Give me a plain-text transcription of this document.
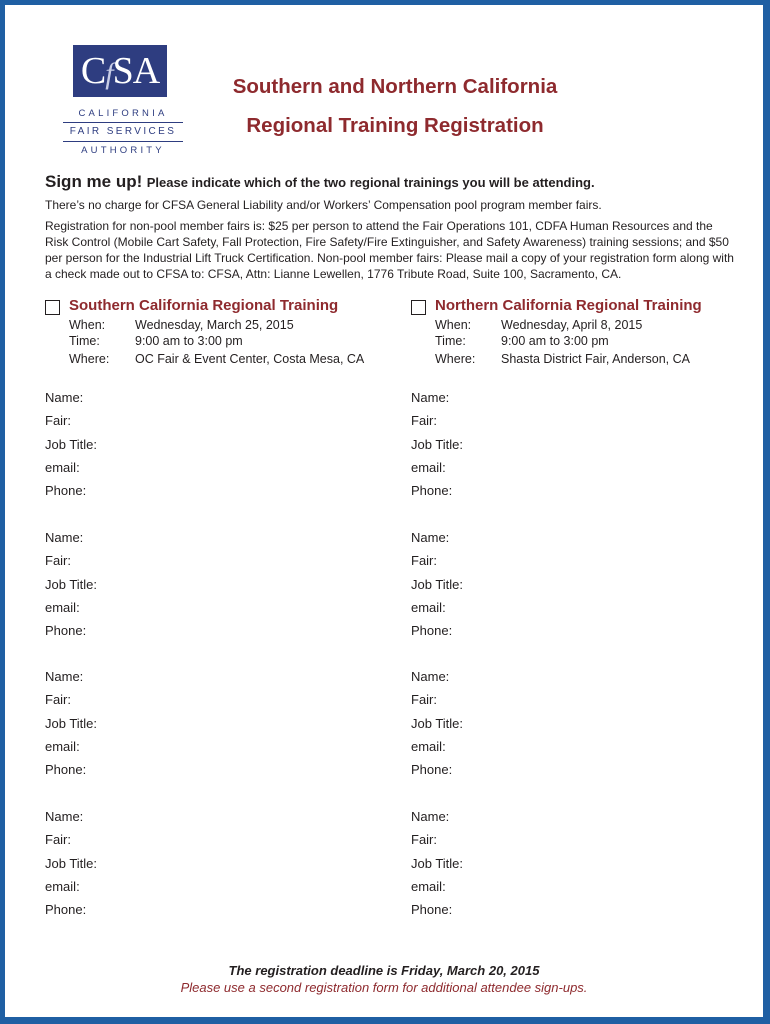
CfSA
CALIFORNIA
FAIR SERVICES
AUTHORITY
Southern and Northern California
Regional Training Registration
Sign me up! Please indicate which of the two regional trainings you will be attending.
There’s no charge for CFSA General Liability and/or Workers’ Compensation pool program member fairs.
Registration for non-pool member fairs is: $25 per person to attend the Fair Operations 101, CDFA Human Resources and the Risk Control (Mobile Cart Safety, Fall Protection, Fire Safety/Fire Extinguisher, and Safety Awareness) training sessions; and $50 per person for the Industrial Lift Truck Certification. Non-pool member fairs: Please mail a copy of your registration form along with a check made out to CFSA to: CFSA, Attn: Lianne Lewellen, 1776 Tribute Road, Suite 100, Sacramento, CA.
Southern California Regional Training
When: Wednesday, March 25, 2015
Time:	9:00 am to 3:00 pm
Where: OC Fair & Event Center, Costa Mesa, CA
Northern California Regional Training
When: Wednesday, April 8, 2015
Time:	9:00 am to 3:00 pm
Where: Shasta District Fair, Anderson, CA
Name:
Fair:
Job Title:
email:
Phone:
Name:
Fair:
Job Title:
email:
Phone:
Name:
Fair:
Job Title:
email:
Phone:
Name:
Fair:
Job Title:
email:
Phone:
Name:
Fair:
Job Title:
email:
Phone:
Name:
Fair:
Job Title:
email:
Phone:
Name:
Fair:
Job Title:
email:
Phone:
Name:
Fair:
Job Title:
email:
Phone:
The registration deadline is Friday, March 20, 2015
Please use a second registration form for additional attendee sign-ups.
